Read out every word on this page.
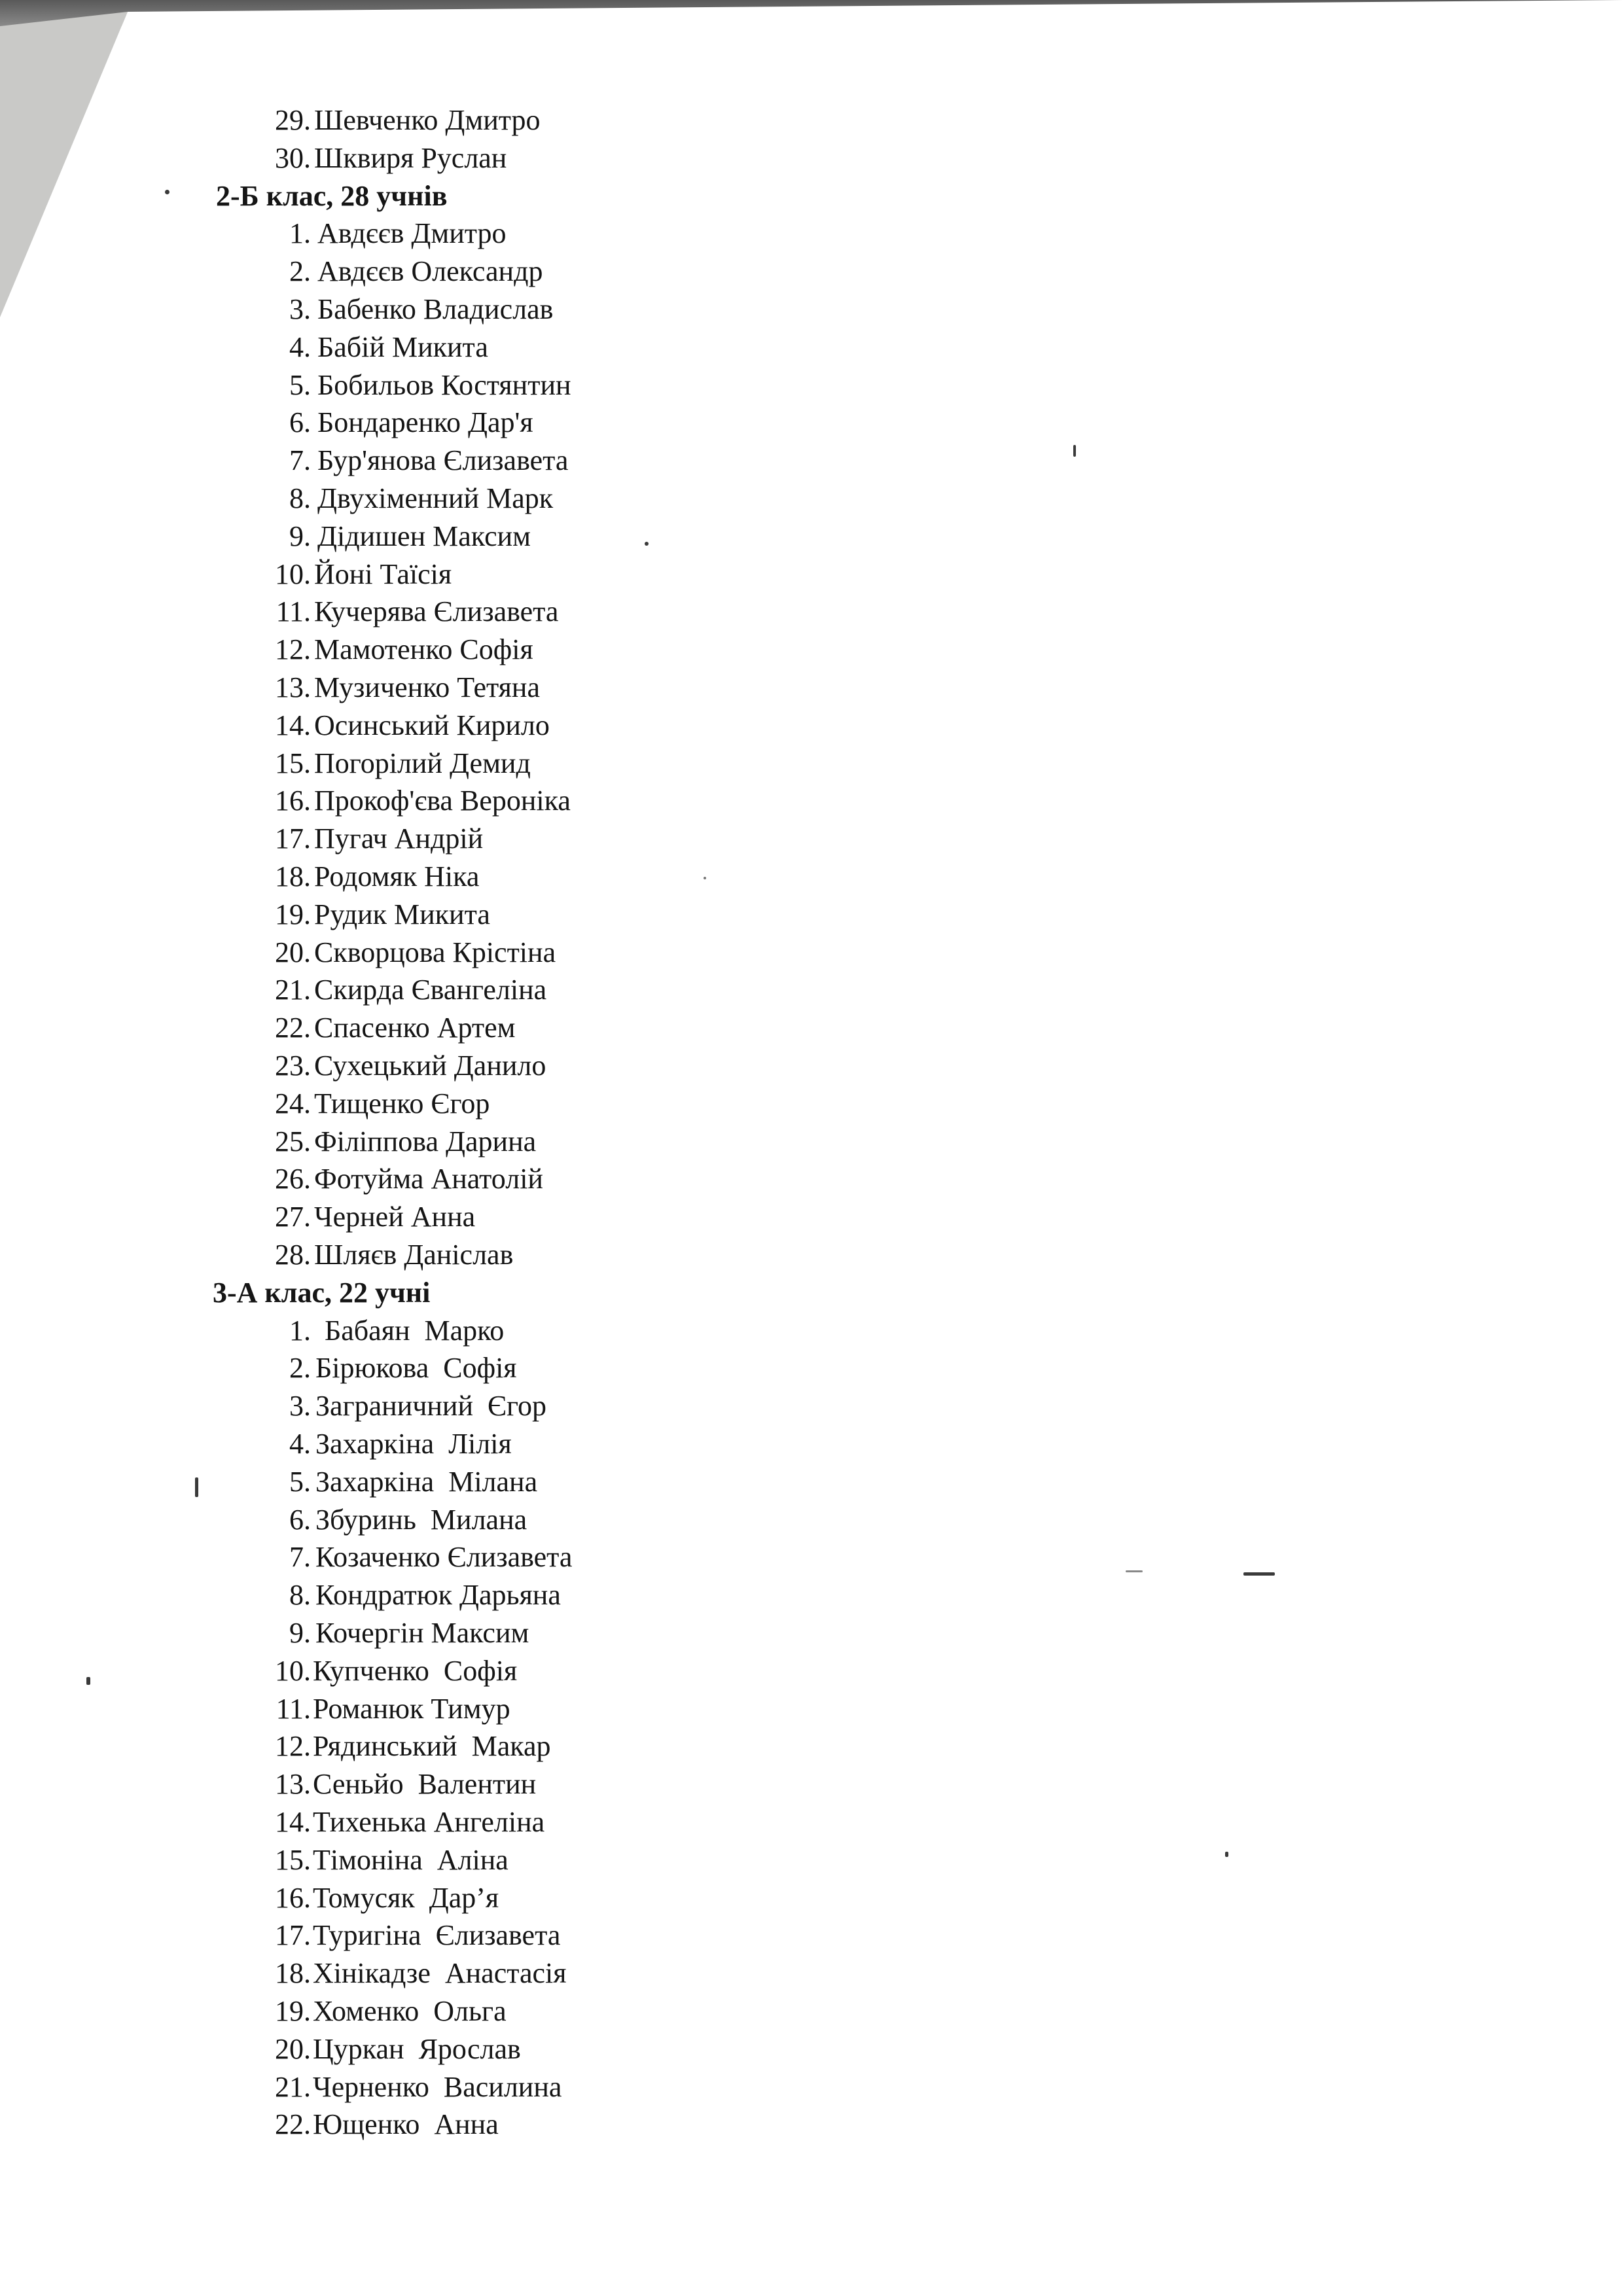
29. Шевченко Дмитро
30. Шквиря Руслан
2-Б клас, 28 учнів
1. Авдєєв Дмитро
2. Авдєєв Олександр
3. Бабенко Владислав
4. Бабій Микита
5. Бобильов Костянтин
6. Бондаренко Дар'я
7. Бур'янова Єлизавета
8. Двухіменний Марк
9. Дідишен Максим
10. Йоні Таїсія
11. Кучерява Єлизавета
12. Мамотенко Софія
13. Музиченко Тетяна
14. Осинський Кирило
15. Погорілий Демид
16. Прокоф'єва Вероніка
17. Пугач Андрій
18. Родомяк Ніка
19. Рудик Микита
20. Скворцова Крістіна
21. Скирда Євангеліна
22. Спасенко Артем
23. Сухецький Данило
24. Тищенко Єгор
25. Філіппова Дарина
26. Фотуйма Анатолій
27. Черней Анна
28. Шляєв Даніслав
3-А клас, 22 учні
1. Бабаян  Марко
2. Бірюкова  Софія
3. Заграничний  Єгор
4. Захаркіна  Лілія
5. Захаркіна  Мілана
6. Збуринь  Милана
7. Козаченко Єлизавета
8. Кондратюк Дарьяна
9. Кочергін Максим
10. Купченко  Софія
11. Романюк Тимур
12. Рядинський  Макар
13. Сеньйо  Валентин
14. Тихенька Ангеліна
15. Тімоніна  Аліна
16. Томусяк  Дар’я
17. Туригіна  Єлизавета
18. Хінікадзе  Анастасія
19. Хоменко  Ольга
20. Цуркан  Ярослав
21. Черненко  Василина
22. Ющенко  Анна
